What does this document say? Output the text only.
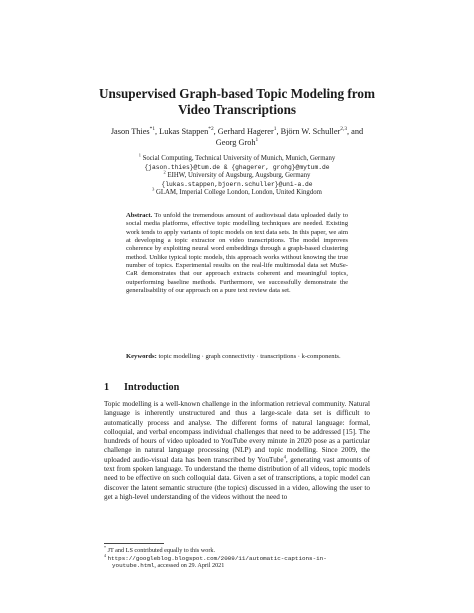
Unsupervised Graph-based Topic Modeling from
Video Transcriptions
Jason Thies$^{*1}$, Lukas Stappen$^{*2}$, Gerhard Hagerer$^1$, Björn W. Schuller$^{2,3}$, and
Georg Groh$^1$
$^1$ Social Computing, Technical University of Munich, Munich, Germany
{jason.thies}@tum.de & {ghagerer, grohg}@mytum.de
$^2$ EIHW, University of Augsburg, Augsburg, Germany
{lukas.stappen,bjoern.schuller}@uni-a.de
$^3$ GLAM, Imperial College London, London, United Kingdom
Abstract. To unfold the tremendous amount of audiovisual data uploaded daily to social media platforms, effective topic modelling techniques are needed. Existing work tends to apply variants of topic models on text data sets. In this paper, we aim at developing a topic extractor on video transcriptions. The model improves coherence by exploiting neural word embeddings through a graph-based clustering method. Unlike typical topic models, this approach works without knowing the true number of topics. Experimental results on the real-life multimodal data set MuSe-CaR demonstrates that our approach extracts coherent and meaningful topics, outperforming baseline methods. Furthermore, we successfully demonstrate the generalisability of our approach on a pure text review data set.
Keywords: topic modelling · graph connectivity · transcriptions · k-components.
1 Introduction

Topic modelling is a well-known challenge in the information retrieval community. Natural language is inherently unstructured and thus a large-scale data set is difficult to automatically process and analyse. The different forms of natural language: formal, colloquial, and verbal encompass individual challenges that need to be addressed [15]. The hundreds of hours of video uploaded to YouTube every minute in 2020 pose as a particular challenge in natural language processing (NLP) and topic modelling. Since 2009, the uploaded audio-visual data has been transcribed by YouTube$^4$, generating vast amounts of text from spoken language. To understand the theme distribution of all videos, topic models need to be effective on such colloquial data. Given a set of transcriptions, a topic model can discover the latent semantic structure (the topics) discussed in a video, allowing the user to get a high-level understanding of the videos without the need to

* JT and LS contributed equally to this work.
$^4$ https://googleblog.blogspot.com/2009/11/automatic-captions-in-youtube.html, accessed on 29. April 2021
